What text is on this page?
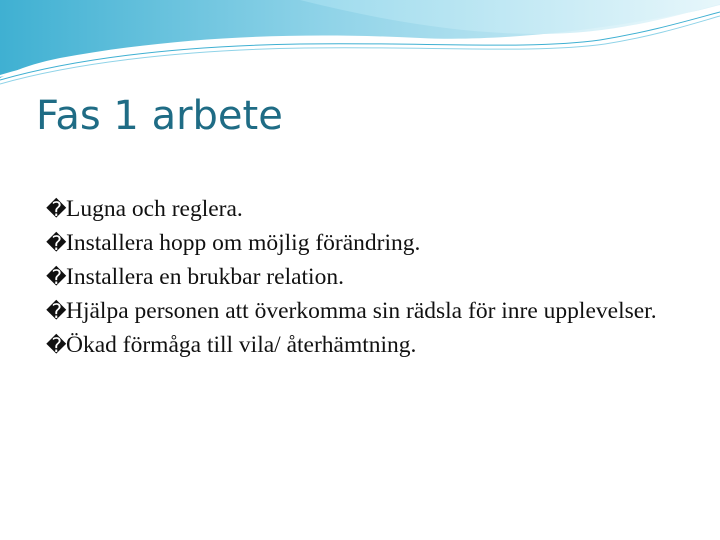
Fas 1 arbete
� Lugna och reglera.
� Installera hopp om möjlig förändring.
� Installera en brukbar relation.
� Hjälpa personen att överkomma sin rädsla för inre upplevelser.
� Ökad förmåga till vila/ återhämtning.
